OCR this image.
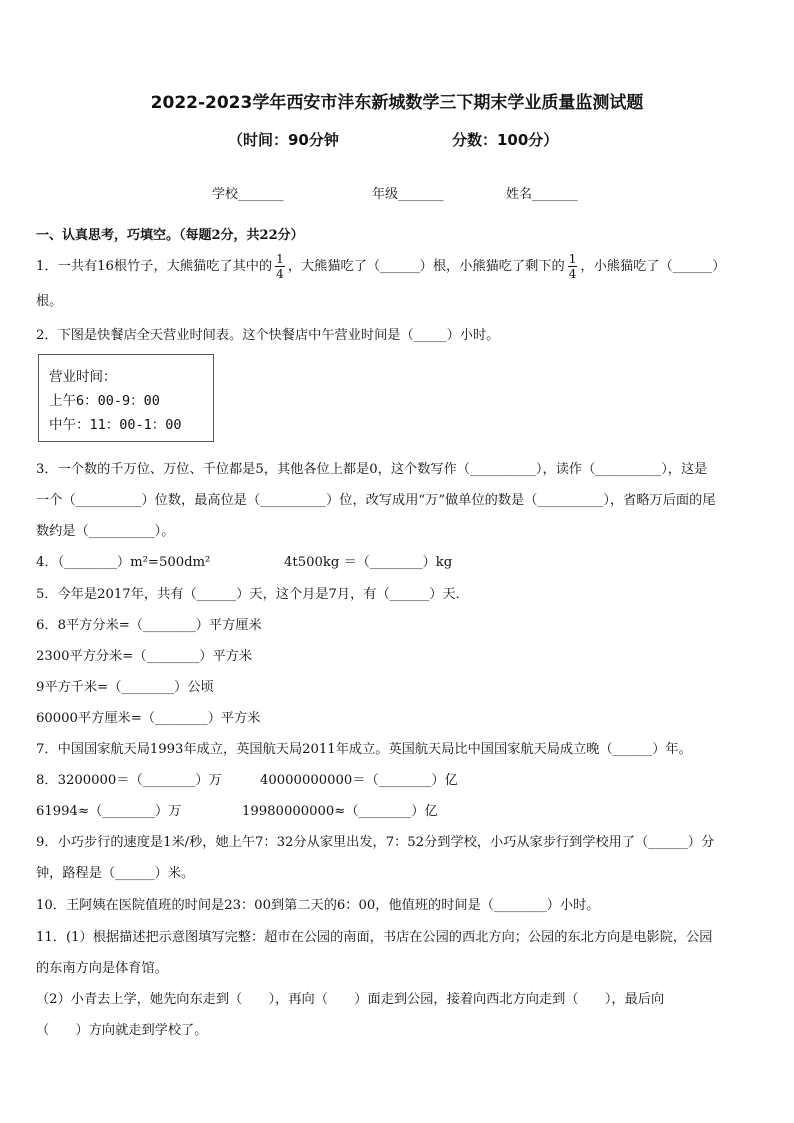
2022-2023学年西安市沣东新城数学三下期末学业质量监测试题
（时间：90分钟	分数：100分）
学校_______	年级_______	姓名_______
一、认真思考，巧填空。（每题2分，共22分）
1．一共有16根竹子，大熊猫吃了其中的 $\frac{1}{4}$ ，大熊猫吃了（______）根，小熊猫吃了剩下的 $\frac{1}{4}$ ，小熊猫吃了（______）
根。
2．下图是快餐店全天营业时间表。这个快餐店中午营业时间是（_____）小时。
营业时间：
上午6：00-9：00
中午：11：00-1：00
3．一个数的千万位、万位、千位都是5，其他各位上都是0，这个数写作（__________），读作（__________），这是
一个（__________）位数，最高位是（__________）位，改写成用“万”做单位的数是（__________），省略万后面的尾
数约是（__________）。
4．（________）m²=500dm²	4t500kg ＝（________）kg
5．今年是2017年，共有（______）天，这个月是7月，有（______）天．
6．8平方分米=（________）平方厘米
2300平方分米=（________）平方米
9平方千米=（________）公顷
60000平方厘米=（________）平方米
7．中国国家航天局1993年成立，英国航天局2011年成立。英国航天局比中国国家航天局成立晚（______）年。
8．3200000＝（________）万	40000000000＝（________）亿
61994≈（________）万	19980000000≈（________）亿
9．小巧步行的速度是1米/秒，她上午7：32分从家里出发，7：52分到学校，小巧从家步行到学校用了（______）分
钟，路程是（______）米。
10．王阿姨在医院值班的时间是23：00到第二天的6：00，他值班的时间是（________）小时。
11．(1）根据描述把示意图填写完整：超市在公园的南面，书店在公园的西北方向；公园的东北方向是电影院，公园
的东南方向是体育馆。
（2）小青去上学，她先向东走到（　　），再向（　　）面走到公园，接着向西北方向走到（　　），最后向
（　　）方向就走到学校了。
